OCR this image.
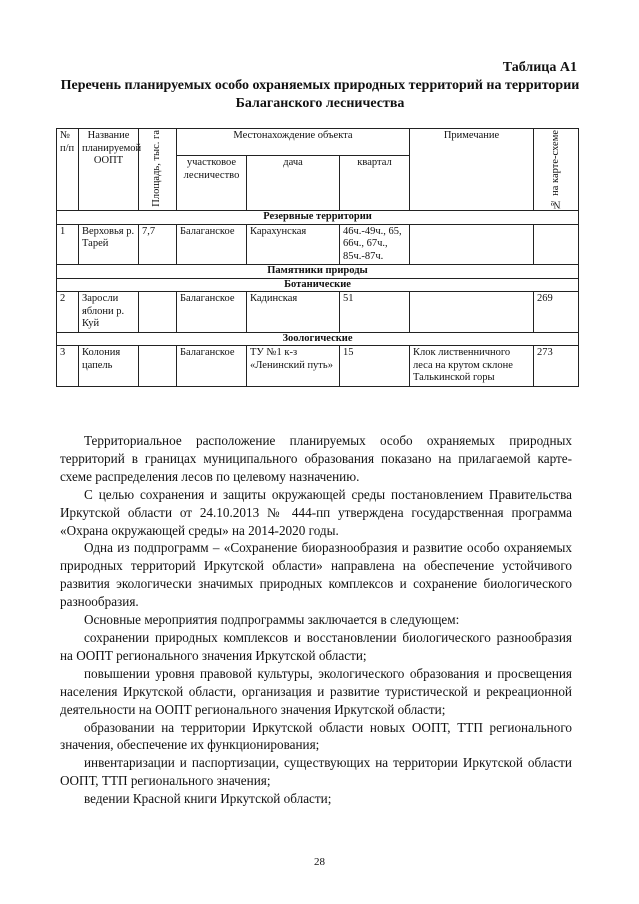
Таблица А1
Перечень планируемых особо охраняемых природных территорий на территории Балаганского лесничества
№ п/п	Название планируемой ООПТ	Площадь, тыс. га	Местонахождение объекта			Примечание	№ на карте-схеме

			участковое лесничество	дача	квартал		
Резервные территории							
1	Верховья р. Тарей	7,7	Балаганское	Карахунская	46ч.-49ч., 65, 66ч., 67ч., 85ч.-87ч.		
Памятники природы							
Ботанические							
2	Заросли яблони р. Куй		Балаганское	Кадинская	51		269
Зоологические							
3	Колония цапель		Балаганское	ТУ №1 к-з «Ленинский путь»	15	Клок лиственничного леса на крутом склоне Талькинской горы	273

Территориальное расположение планируемых особо охраняемых природных территорий в границах муниципального образования показано на прилагаемой карте-схеме распределения лесов по целевому назначению.

С целью сохранения и защиты окружающей среды постановлением Правительства Иркутской области от 24.10.2013 № 444-пп утверждена государственная программа «Охрана окружающей среды» на 2014-2020 годы.

Одна из подпрограмм – «Сохранение биоразнообразия и развитие особо охраняемых природных территорий Иркутской области» направлена на обеспечение устойчивого развития экологически значимых природных комплексов и сохранение биологического разнообразия.

Основные мероприятия подпрограммы заключается в следующем:

сохранении природных комплексов и восстановлении биологического разнообразия на ООПТ регионального значения Иркутской области;

повышении уровня правовой культуры, экологического образования и просвещения населения Иркутской области, организация и развитие туристической и рекреационной деятельности на ООПТ регионального значения Иркутской области;

образовании на территории Иркутской области новых ООПТ, ТТП регионального значения, обеспечение их функционирования;

инвентаризации и паспортизации, существующих на территории Иркутской области ООПТ, ТТП регионального значения;

ведении Красной книги Иркутской области;

28
